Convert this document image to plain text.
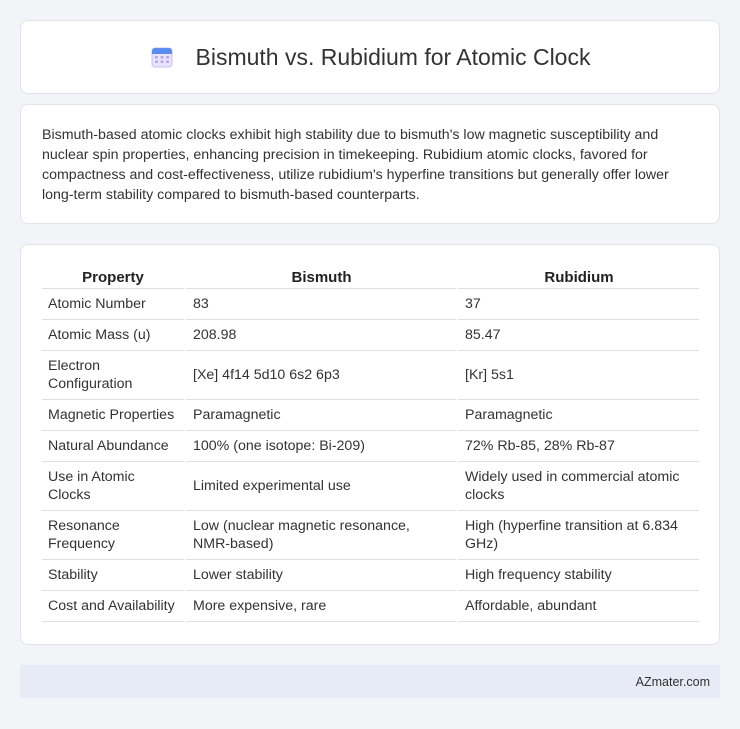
Bismuth vs. Rubidium for Atomic Clock

Bismuth-based atomic clocks exhibit high stability due to bismuth's low magnetic susceptibility and nuclear spin properties, enhancing precision in timekeeping. Rubidium atomic clocks, favored for compactness and cost-effectiveness, utilize rubidium's hyperfine transitions but generally offer lower long-term stability compared to bismuth-based counterparts.

Property	Bismuth	Rubidium
Atomic Number	83	37
Atomic Mass (u)	208.98	85.47
Electron Configuration	[Xe] 4f14 5d10 6s2 6p3	[Kr] 5s1
Magnetic Properties	Paramagnetic	Paramagnetic
Natural Abundance	100% (one isotope: Bi-209)	72% Rb-85, 28% Rb-87
Use in Atomic Clocks	Limited experimental use	Widely used in commercial atomic clocks
Resonance Frequency	Low (nuclear magnetic resonance, NMR-based)	High (hyperfine transition at 6.834 GHz)
Stability	Lower stability	High frequency stability
Cost and Availability	More expensive, rare	Affordable, abundant
AZmater.com
